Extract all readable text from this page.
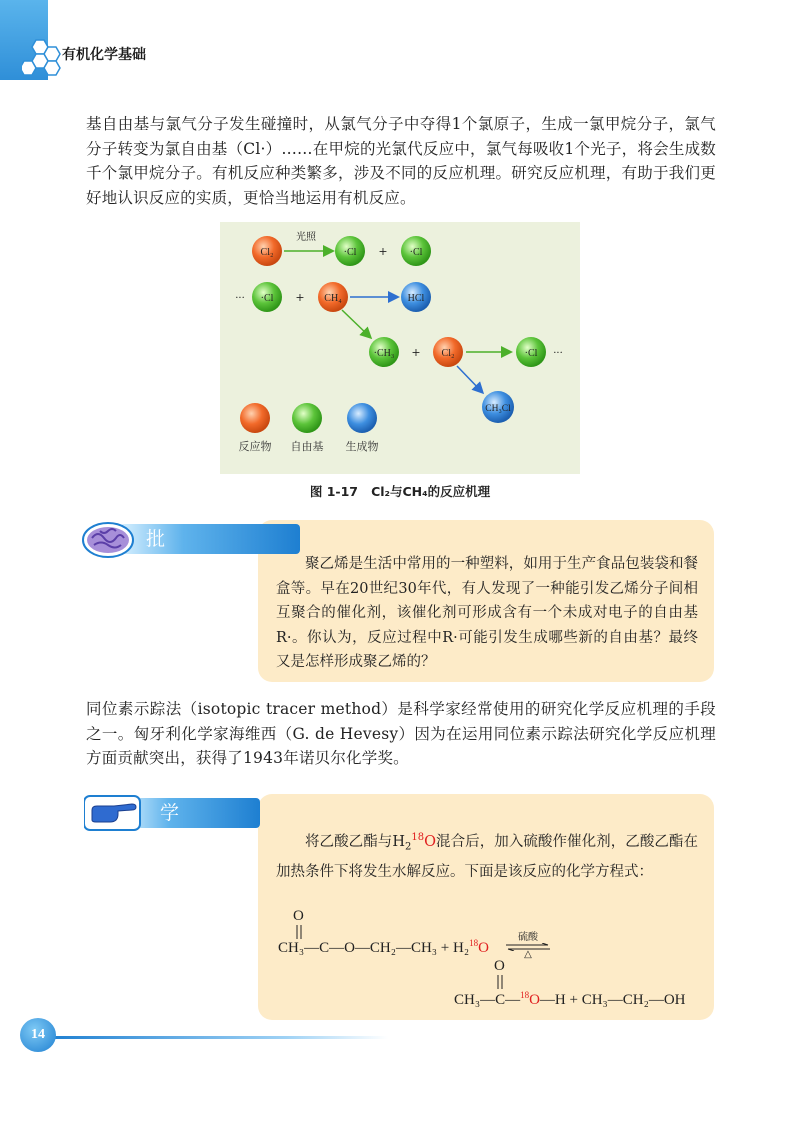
有机化学基础
基自由基与氯气分子发生碰撞时，从氯气分子中夺得1个氯原子，生成一氯甲烷分子，氯气分子转变为氯自由基（Cl·）……在甲烷的光氯代反应中，氯气每吸收1个光子，将会生成数千个氯甲烷分子。有机反应种类繁多，涉及不同的反应机理。研究反应机理，有助于我们更好地认识反应的实质，更恰当地运用有机反应。
Cl₂
光照
·Cl + ·Cl
··· ·Cl + CH₄	HCl
·CH₃ + Cl₂	·Cl ···
CH₃Cl
反应物 自由基 生成物
图 1-17 Cl₂与CH₄的反应机理
聚乙烯是生活中常用的一种塑料，如用于生产食品包装袋和餐盒等。早在20世纪30年代，有人发现了一种能引发乙烯分子间相互聚合的催化剂，该催化剂可形成含有一个未成对电子的自由基R·。你认为，反应过程中R·可能引发生成哪些新的自由基？最终又是怎样形成聚乙烯的？
批判性思维
同位素示踪法（isotopic tracer method）是科学家经常使用的研究化学反应机理的手段之一。匈牙利化学家海维西（G. de Hevesy）因为在运用同位素示踪法研究化学反应机理方面贡献突出，获得了1943年诺贝尔化学奖。
将乙酸乙酯与$H_2^{18}O$混合后，加入硫酸作催化剂，乙酸乙酯在加热条件下将发生水解反应。下面是该反应的化学方程式：
O
CH₃—C—O—CH₂—CH₃ + H₂$^{18}$O
硫酸
△
O
CH₃—C—$^{18}$O—H + CH₃—CH₂—OH
学以致用
14
